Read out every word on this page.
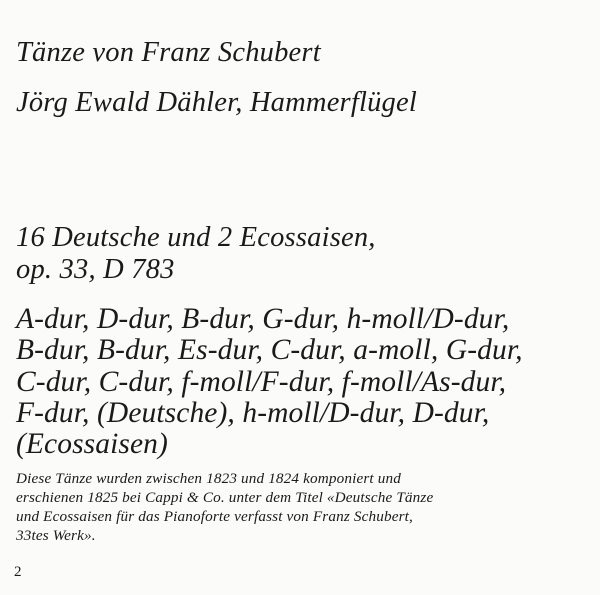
Tänze von Franz Schubert
Jörg Ewald Dähler, Hammerflügel

16 Deutsche und 2 Ecossaisen,

op. 33, D 783

A-dur, D-dur, B-dur, G-dur, h-moll/D-dur,

B-dur, B-dur, Es-dur, C-dur, a-moll, G-dur,

C-dur, C-dur, f-moll/F-dur, f-moll/As-dur,

F-dur, (Deutsche), h-moll/D-dur, D-dur,

(Ecossaisen)

Diese Tänze wurden zwischen 1823 und 1824 komponiert und

erschienen 1825 bei Cappi & Co. unter dem Titel «Deutsche Tänze

und Ecossaisen für das Pianoforte verfasst von Franz Schubert,

33tes Werk».

2
